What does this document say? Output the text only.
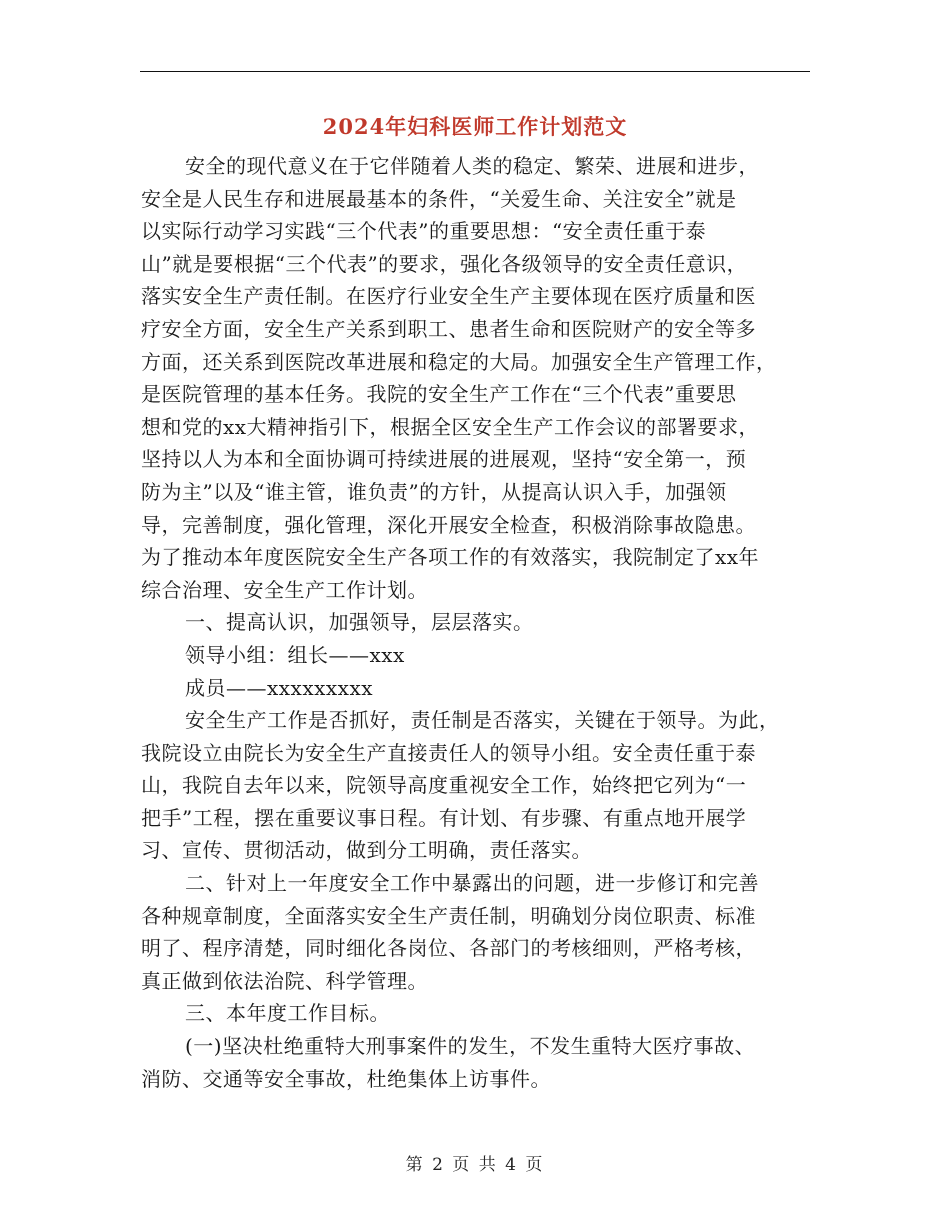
2024年妇科医师工作计划范文

安全的现代意义在于它伴随着人类的稳定、繁荣、进展和进步，
安全是人民生存和进展最基本的条件，“关爱生命、关注安全”就是
以实际行动学习实践“三个代表”的重要思想：“安全责任重于泰
山”就是要根据“三个代表”的要求，强化各级领导的安全责任意识，
落实安全生产责任制。在医疗行业安全生产主要体现在医疗质量和医
疗安全方面，安全生产关系到职工、患者生命和医院财产的安全等多
方面，还关系到医院改革进展和稳定的大局。加强安全生产管理工作，
是医院管理的基本任务。我院的安全生产工作在“三个代表”重要思
想和党的xx大精神指引下，根据全区安全生产工作会议的部署要求，
坚持以人为本和全面协调可持续进展的进展观，坚持“安全第一，预
防为主”以及“谁主管，谁负责”的方针，从提高认识入手，加强领
导，完善制度，强化管理，深化开展安全检查，积极消除事故隐患。
为了推动本年度医院安全生产各项工作的有效落实，我院制定了xx年
综合治理、安全生产工作计划。

一、提高认识，加强领导，层层落实。

领导小组：组长——xxx

成员——xxxxxxxxx

安全生产工作是否抓好，责任制是否落实，关键在于领导。为此，
我院设立由院长为安全生产直接责任人的领导小组。安全责任重于泰
山，我院自去年以来，院领导高度重视安全工作，始终把它列为“一
把手”工程，摆在重要议事日程。有计划、有步骤、有重点地开展学
习、宣传、贯彻活动，做到分工明确，责任落实。

二、针对上一年度安全工作中暴露出的问题，进一步修订和完善
各种规章制度，全面落实安全生产责任制，明确划分岗位职责、标准
明了、程序清楚，同时细化各岗位、各部门的考核细则，严格考核，
真正做到依法治院、科学管理。

三、本年度工作目标。

(一)坚决杜绝重特大刑事案件的发生，不发生重特大医疗事故、
消防、交通等安全事故，杜绝集体上访事件。

第 2 页 共 4 页
